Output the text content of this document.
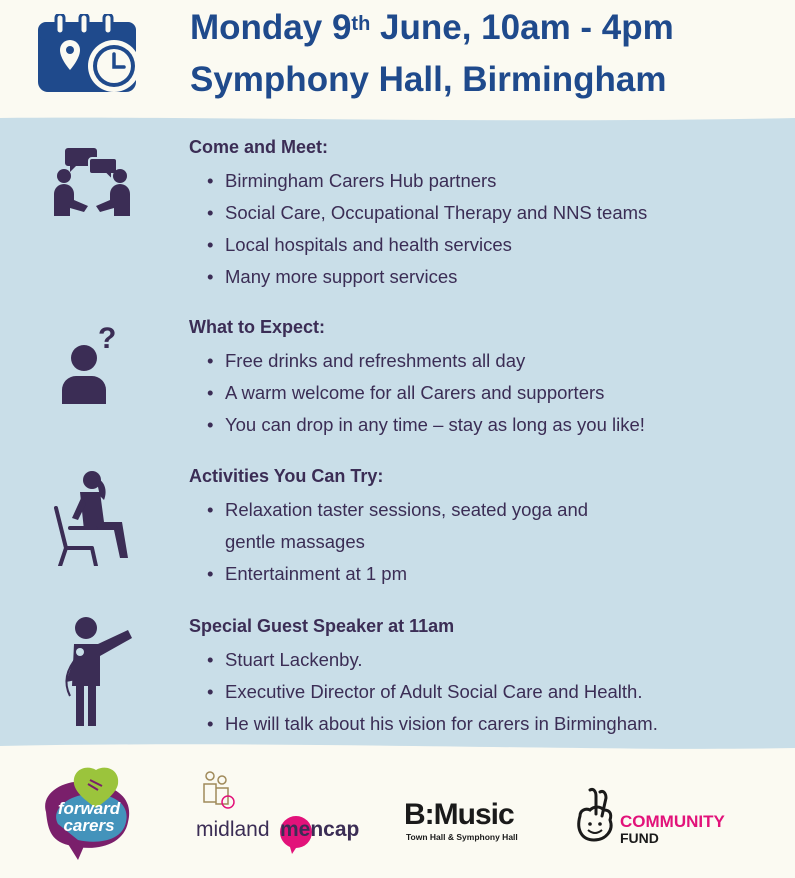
Monday 9th June, 10am - 4pm
Symphony Hall, Birmingham
Come and Meet:
• Birmingham Carers Hub partners
• Social Care, Occupational Therapy and NNS teams
• Local hospitals and health services
• Many more support services
?	What to Expect:
• Free drinks and refreshments all day
• A warm welcome for all Carers and supporters
• You can drop in any time – stay as long as you like!
Activities You Can Try:
• Relaxation taster sessions, seated yoga and
gentle massages
• Entertainment at 1 pm
Special Guest Speaker at 11am
• Stuart Lackenby.
• Executive Director of Adult Social Care and Health.
• He will talk about his vision for carers in Birmingham.
forward
carers	midland mencap B:Music
Town Hall & Symphony Hall
COMMUNITY
FUND
